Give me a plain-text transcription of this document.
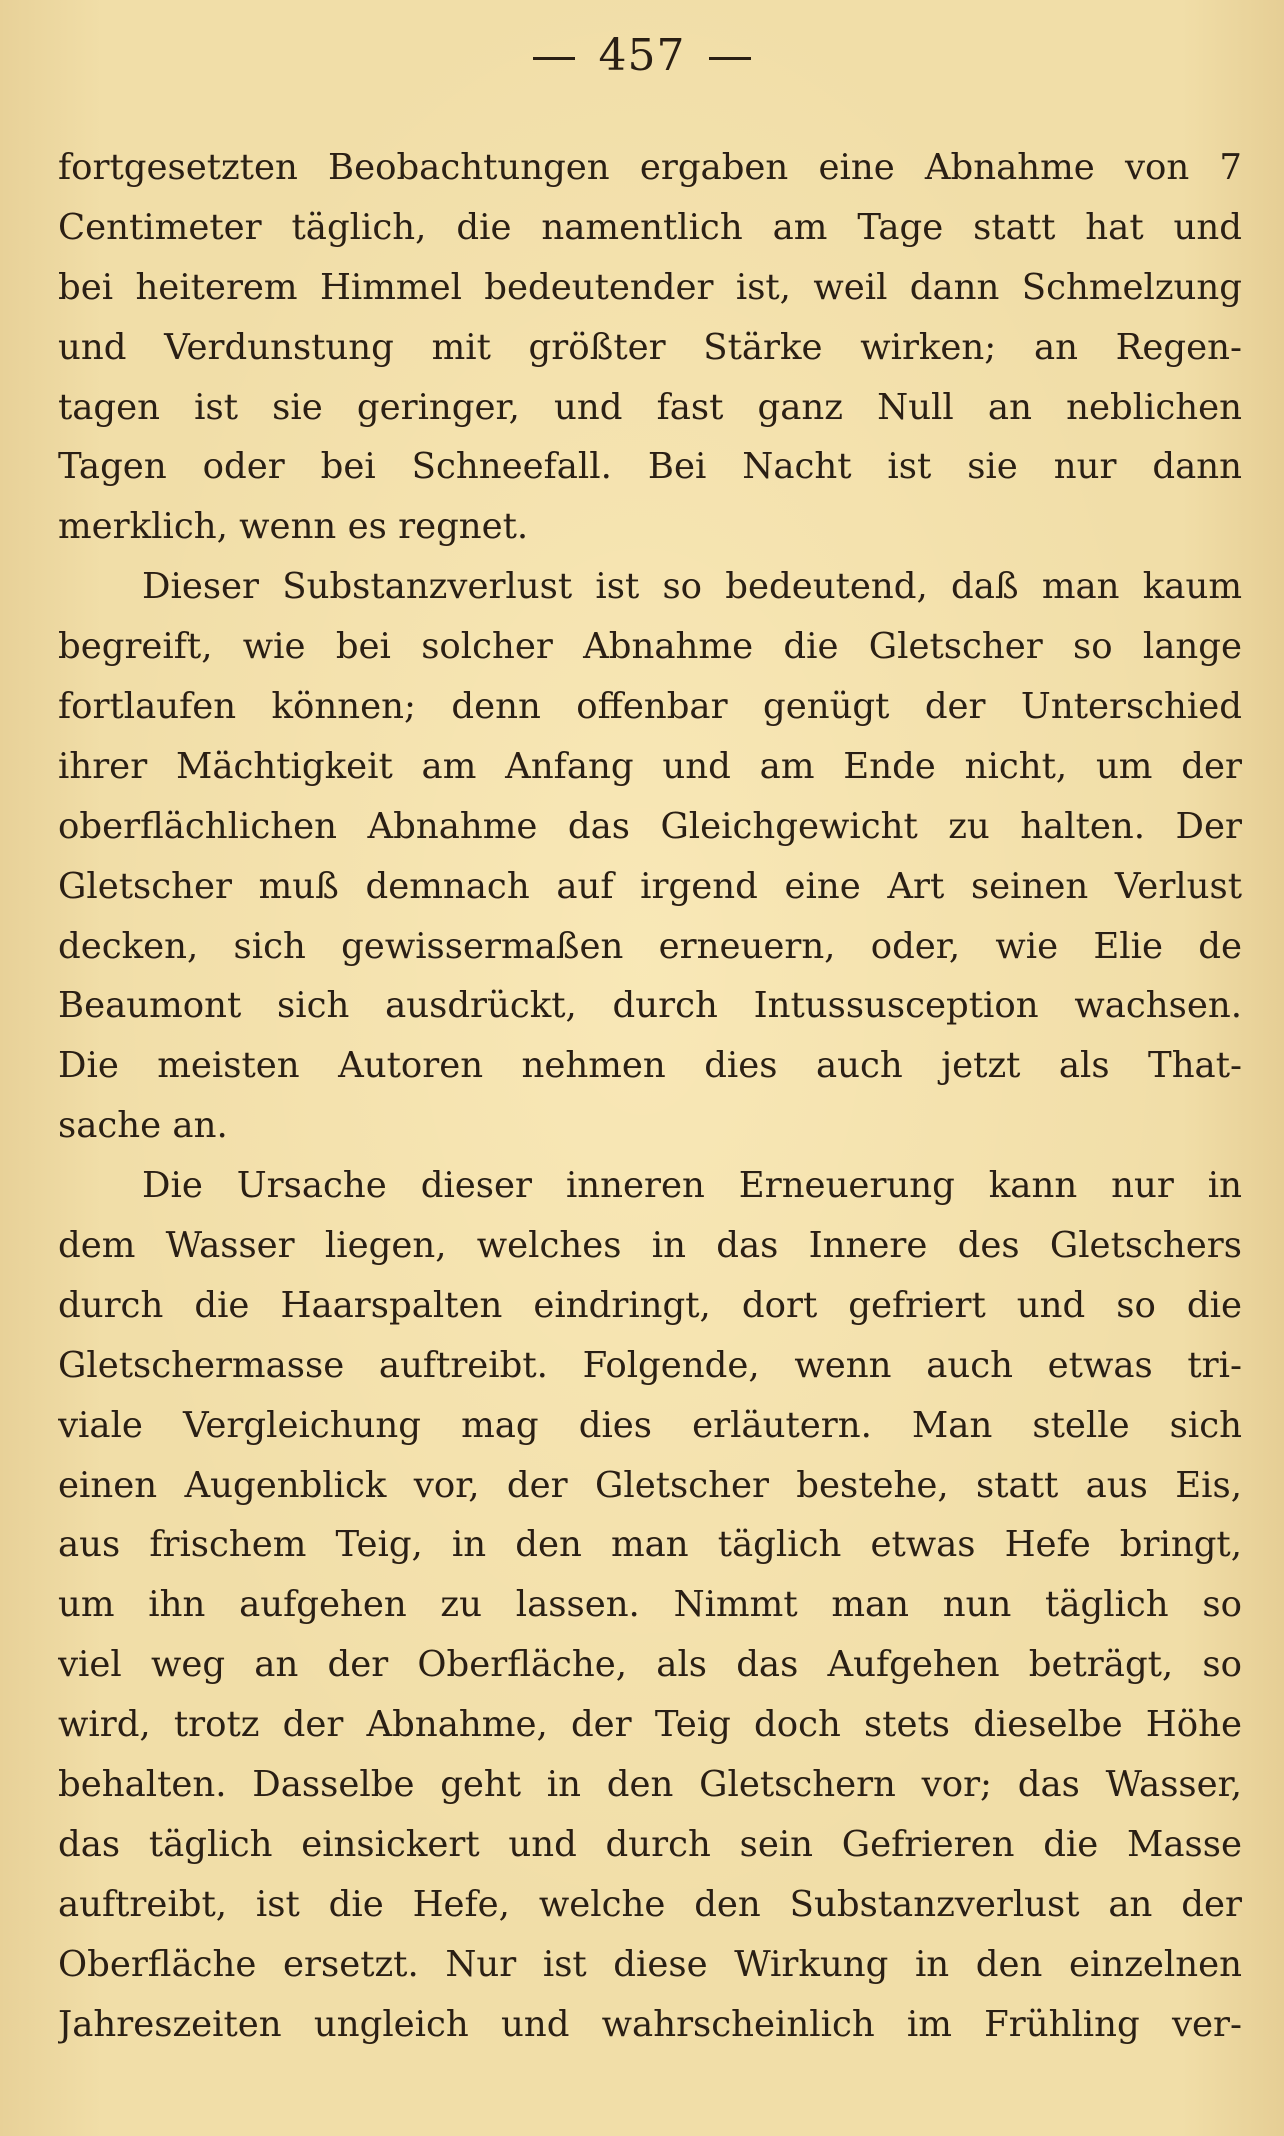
457

fortgesetzten Beobachtungen ergaben eine Abnahme von 7
Centimeter täglich, die namentlich am Tage statt hat und
bei heiterem Himmel bedeutender ist, weil dann Schmelzung
und Verdunstung mit größter Stärke wirken; an Regen-
tagen ist sie geringer, und fast ganz Null an neblichen
Tagen oder bei Schneefall. Bei Nacht ist sie nur dann
merklich, wenn es regnet.

Dieser Substanzverlust ist so bedeutend, daß man kaum
begreift, wie bei solcher Abnahme die Gletscher so lange
fortlaufen können; denn offenbar genügt der Unterschied
ihrer Mächtigkeit am Anfang und am Ende nicht, um der
oberflächlichen Abnahme das Gleichgewicht zu halten. Der
Gletscher muß demnach auf irgend eine Art seinen Verlust
decken, sich gewissermaßen erneuern, oder, wie Elie de
Beaumont sich ausdrückt, durch Intussusception wachsen.
Die meisten Autoren nehmen dies auch jetzt als That-
sache an.

Die Ursache dieser inneren Erneuerung kann nur in
dem Wasser liegen, welches in das Innere des Gletschers
durch die Haarspalten eindringt, dort gefriert und so die
Gletschermasse auftreibt. Folgende, wenn auch etwas tri-
viale Vergleichung mag dies erläutern. Man stelle sich
einen Augenblick vor, der Gletscher bestehe, statt aus Eis,
aus frischem Teig, in den man täglich etwas Hefe bringt,
um ihn aufgehen zu lassen. Nimmt man nun täglich so
viel weg an der Oberfläche, als das Aufgehen beträgt, so
wird, trotz der Abnahme, der Teig doch stets dieselbe Höhe
behalten. Dasselbe geht in den Gletschern vor; das Wasser,
das täglich einsickert und durch sein Gefrieren die Masse
auftreibt, ist die Hefe, welche den Substanzverlust an der
Oberfläche ersetzt. Nur ist diese Wirkung in den einzelnen
Jahreszeiten ungleich und wahrscheinlich im Frühling ver-
